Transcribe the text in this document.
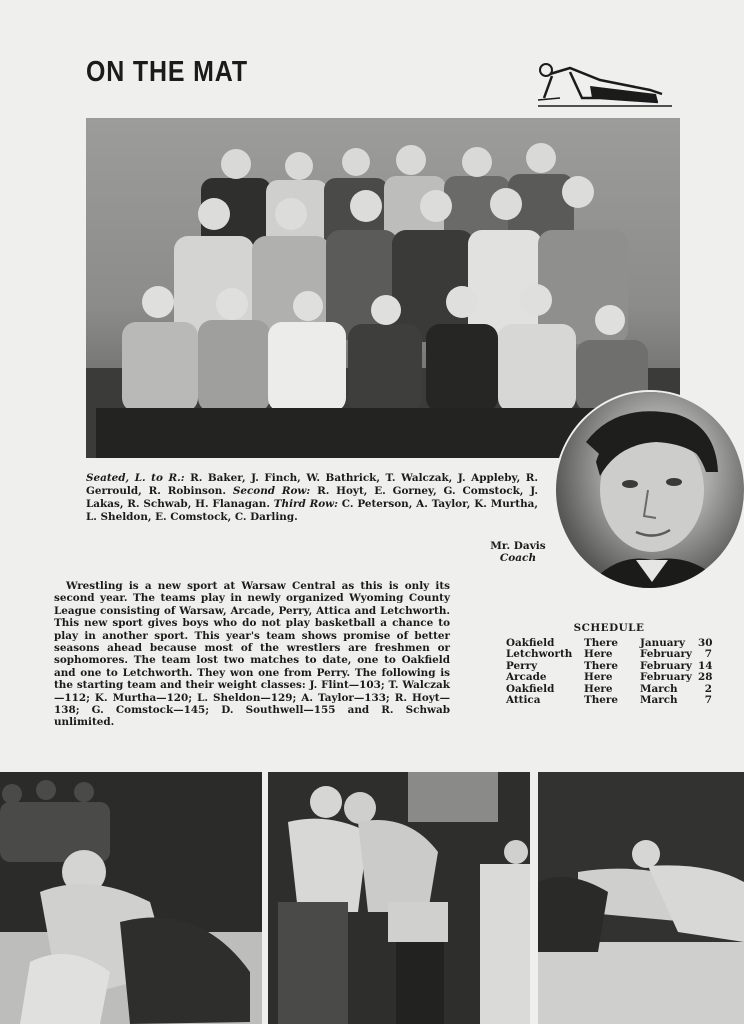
ON THE MAT
Seated, L. to R.: R. Baker, J. Finch, W. Bathrick, T. Walczak, J. Appleby, R. Gerrould, R. Robinson. Second Row: R. Hoyt, E. Gorney, G. Comstock, J. Lakas, R. Schwab, H. Flanagan. Third Row: C. Peterson, A. Taylor, K. Murtha, L. Sheldon, E. Comstock, C. Darling.
Mr. Davis
Coach
Wrestling is a new sport at Warsaw Central as this is only its second year. The teams play in newly organized Wyoming County League consisting of Warsaw, Arcade, Perry, Attica and Letchworth. This new sport gives boys who do not play basketball a chance to play in another sport. This year's team shows promise of better seasons ahead because most of the wrestlers are freshmen or sophomores. The team lost two matches to date, one to Oakfield and one to Letchworth. They won one from Perry. The following is the starting team and their weight classes: J. Flint—103; T. Walczak—112; K. Murtha—120; L. Sheldon—129; A. Taylor—133; R. Hoyt—138; G. Comstock—145; D. Southwell—155 and R. Schwab unlimited.
SCHEDULE
Oakfield	There	January	30
Letchworth	Here	February	7
Perry	There	February 14
Arcade	Here	February 28
Oakfield	Here	March	2
Attica	There	March	7
